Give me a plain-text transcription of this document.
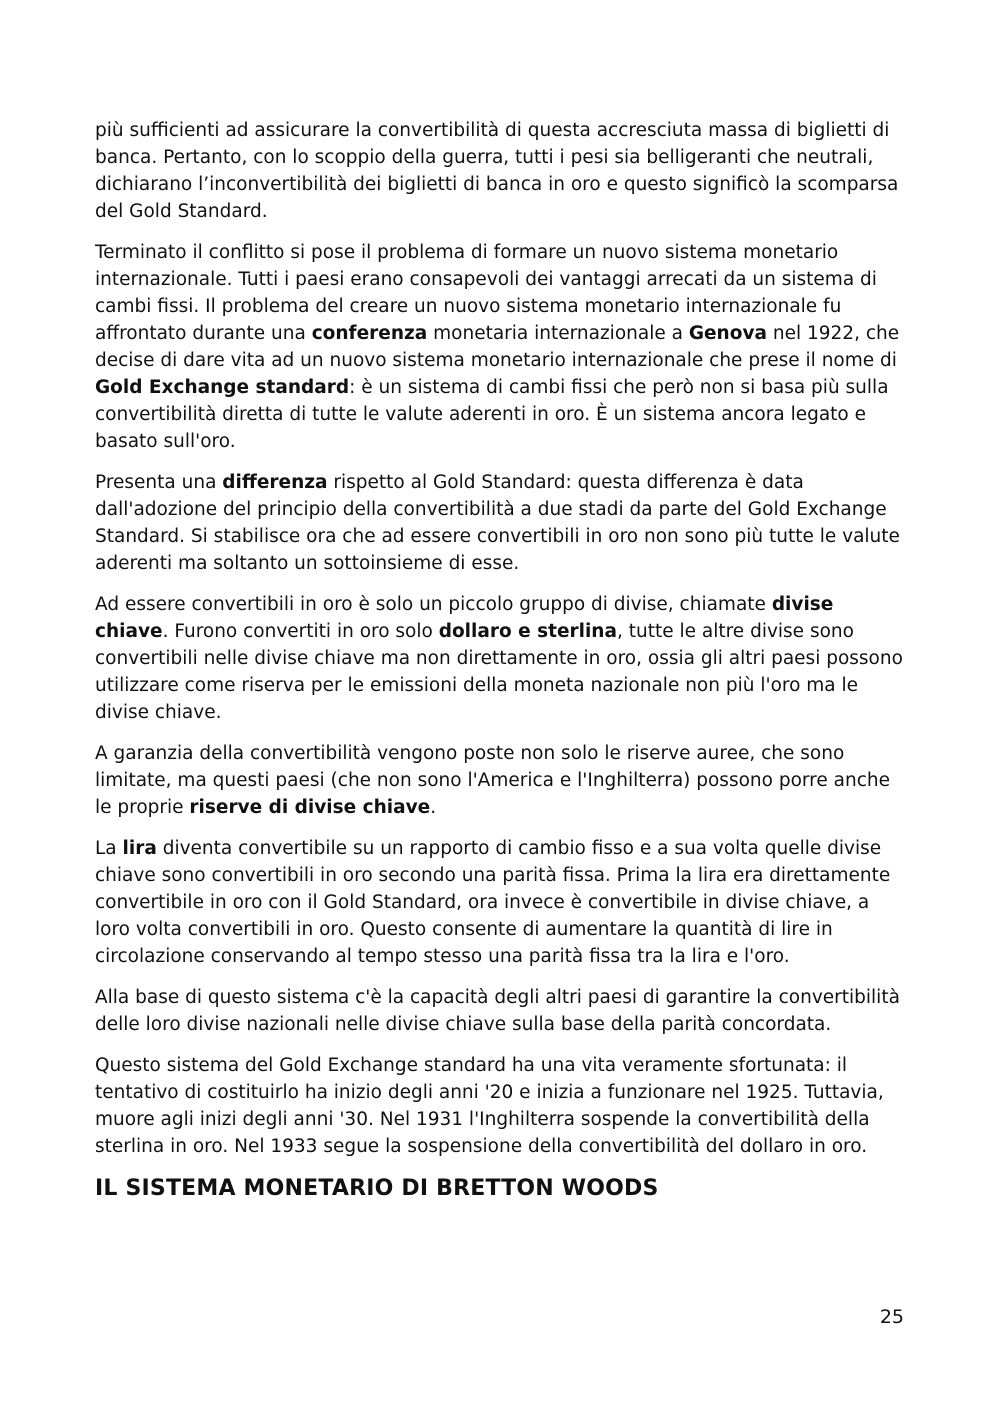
più sufficienti ad assicurare la convertibilità di questa accresciuta massa di biglietti di banca. Pertanto, con lo scoppio della guerra, tutti i pesi sia belligeranti che neutrali, dichiarano l’inconvertibilità dei biglietti di banca in oro e questo significò la scomparsa del Gold Standard.

Terminato il conflitto si pose il problema di formare un nuovo sistema monetario internazionale. Tutti i paesi erano consapevoli dei vantaggi arrecati da un sistema di cambi fissi. Il problema del creare un nuovo sistema monetario internazionale fu affrontato durante una conferenza monetaria internazionale a Genova nel 1922, che decise di dare vita ad un nuovo sistema monetario internazionale che prese il nome di Gold Exchange standard: è un sistema di cambi fissi che però non si basa più sulla convertibilità diretta di tutte le valute aderenti in oro. È un sistema ancora legato e basato sull'oro.

Presenta una differenza rispetto al Gold Standard: questa differenza è data dall'adozione del principio della convertibilità a due stadi da parte del Gold Exchange Standard. Si stabilisce ora che ad essere convertibili in oro non sono più tutte le valute aderenti ma soltanto un sottoinsieme di esse.

Ad essere convertibili in oro è solo un piccolo gruppo di divise, chiamate divise chiave. Furono convertiti in oro solo dollaro e sterlina, tutte le altre divise sono convertibili nelle divise chiave ma non direttamente in oro, ossia gli altri paesi possono utilizzare come riserva per le emissioni della moneta nazionale non più l'oro ma le divise chiave.

A garanzia della convertibilità vengono poste non solo le riserve auree, che sono limitate, ma questi paesi (che non sono l'America e l'Inghilterra) possono porre anche le proprie riserve di divise chiave.

La lira diventa convertibile su un rapporto di cambio fisso e a sua volta quelle divise chiave sono convertibili in oro secondo una parità fissa. Prima la lira era direttamente convertibile in oro con il Gold Standard, ora invece è convertibile in divise chiave, a loro volta convertibili in oro. Questo consente di aumentare la quantità di lire in circolazione conservando al tempo stesso una parità fissa tra la lira e l'oro.

Alla base di questo sistema c'è la capacità degli altri paesi di garantire la convertibilità delle loro divise nazionali nelle divise chiave sulla base della parità concordata.

Questo sistema del Gold Exchange standard ha una vita veramente sfortunata: il tentativo di costituirlo ha inizio degli anni '20 e inizia a funzionare nel 1925. Tuttavia, muore agli inizi degli anni '30. Nel 1931 l'Inghilterra sospende la convertibilità della sterlina in oro. Nel 1933 segue la sospensione della convertibilità del dollaro in oro.

IL SISTEMA MONETARIO DI BRETTON WOODS
25
